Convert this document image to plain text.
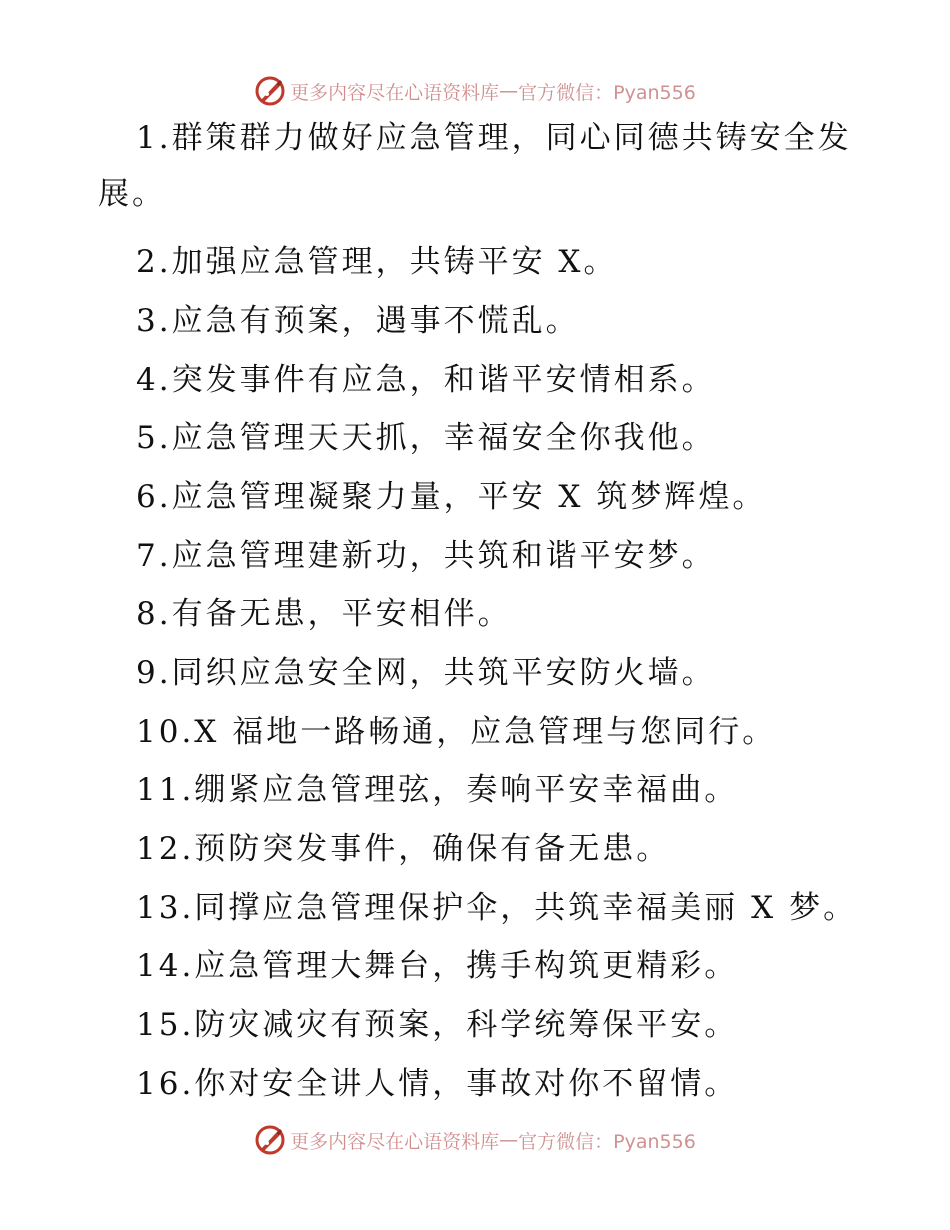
更多内容尽在心语资料库 — 官方微信：Pyan556
1.群策群力做好应急管理，同心同德共铸安全发
展。
2.加强应急管理，共铸平安 X。
3.应急有预案，遇事不慌乱。
4.突发事件有应急，和谐平安情相系。
5.应急管理天天抓，幸福安全你我他。
6.应急管理凝聚力量，平安 X 筑梦辉煌。
7.应急管理建新功，共筑和谐平安梦。
8.有备无患，平安相伴。
9.同织应急安全网，共筑平安防火墙。
10.X 福地一路畅通，应急管理与您同行。
11.绷紧应急管理弦，奏响平安幸福曲。
12.预防突发事件，确保有备无患。
13.同撑应急管理保护伞，共筑幸福美丽 X 梦。
14.应急管理大舞台，携手构筑更精彩。
15.防灾减灾有预案，科学统筹保平安。
16.你对安全讲人情，事故对你不留情。
更多内容尽在心语资料库 — 官方微信：Pyan556
